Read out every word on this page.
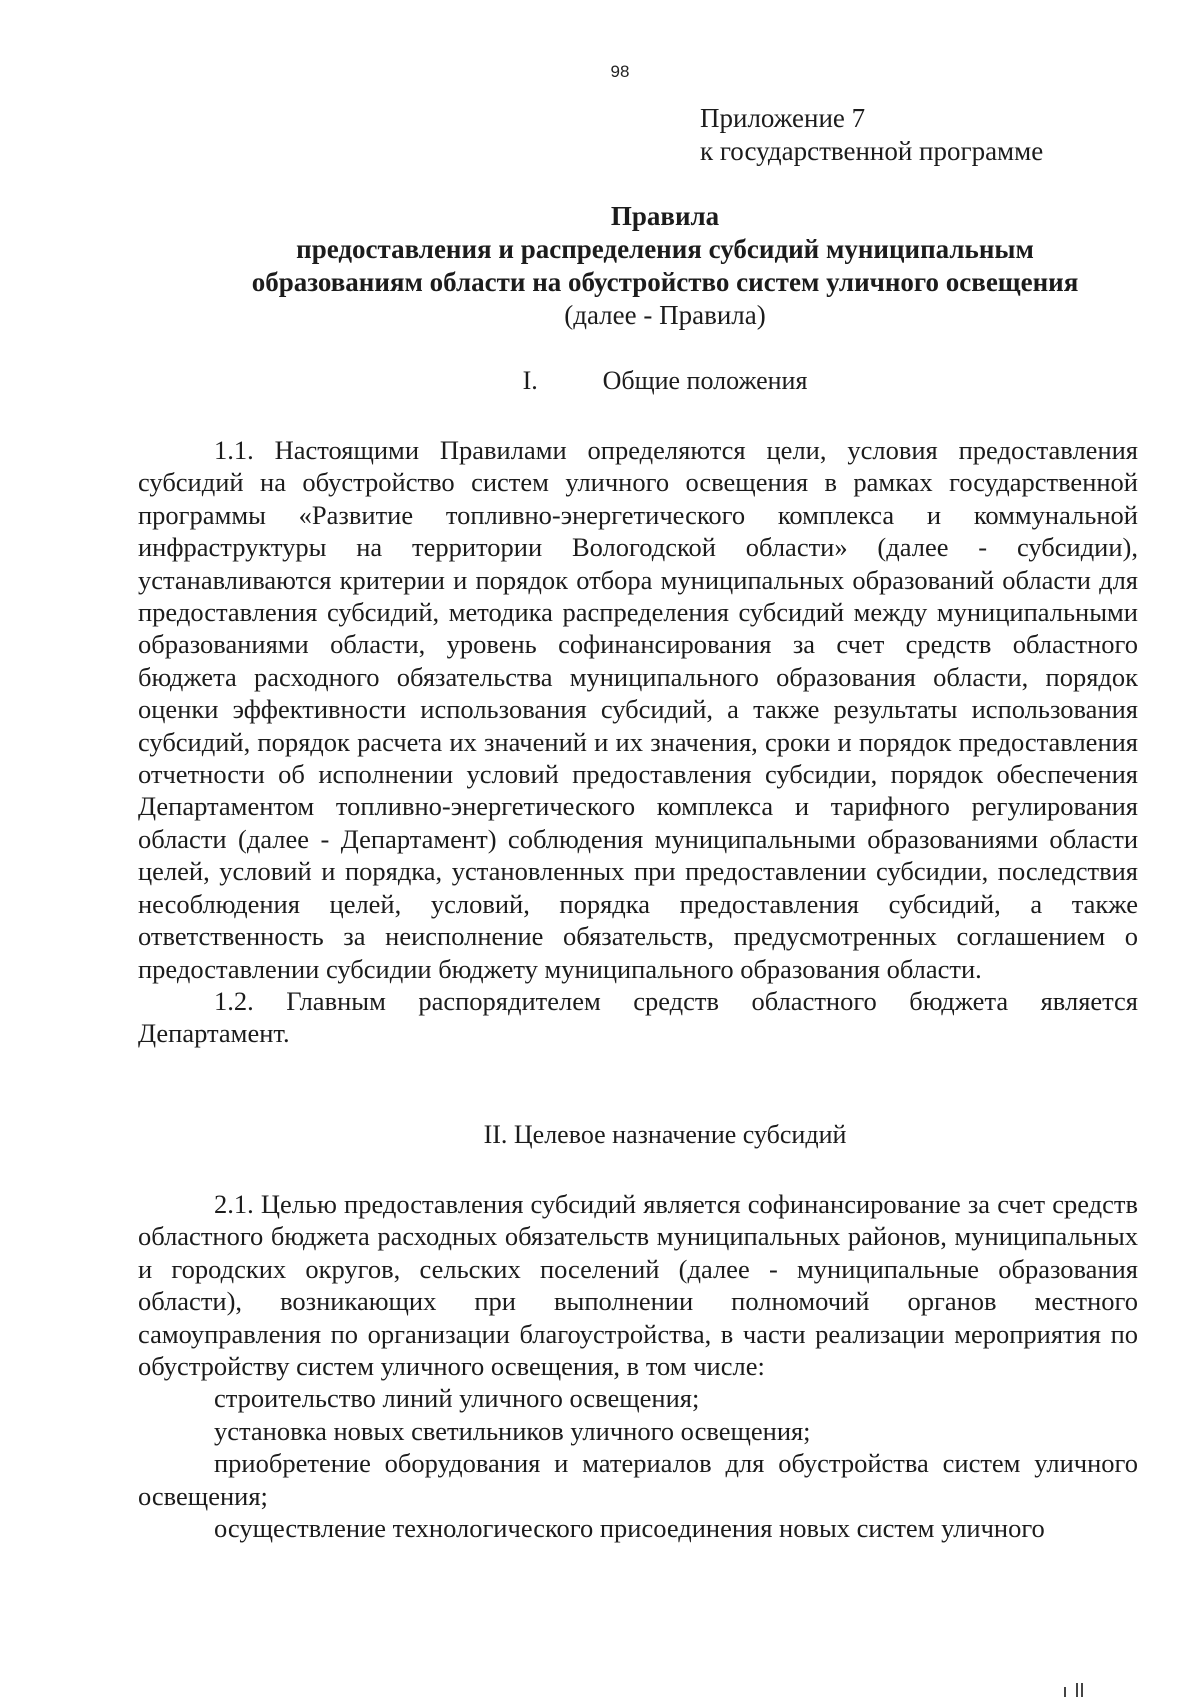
98
Приложение 7
к государственной программе
Правила
предоставления и распределения субсидий муниципальным
образованиям области на обустройство систем уличного освещения
(далее - Правила)
I. Общие положения

1.1. Настоящими Правилами определяются цели, условия предоставления субсидий на обустройство систем уличного освещения в рамках государственной программы «Развитие топливно-энергетического комплекса и коммунальной инфраструктуры на территории Вологодской области» (далее - субсидии), устанавливаются критерии и порядок отбора муниципальных образований области для предоставления субсидий, методика распределения субсидий между муниципальными образованиями области, уровень софинансирования за счет средств областного бюджета расходного обязательства муниципального образования области, порядок оценки эффективности использования субсидий, а также результаты использования субсидий, порядок расчета их значений и их значения, сроки и порядок предоставления отчетности об исполнении условий предоставления субсидии, порядок обеспечения Департаментом топливно-энергетического комплекса и тарифного регулирования области (далее - Департамент) соблюдения муниципальными образованиями области целей, условий и порядка, установленных при предоставлении субсидии, последствия несоблюдения целей, условий, порядка предоставления субсидий, а также ответственность за неисполнение обязательств, предусмотренных соглашением о предоставлении субсидии бюджету муниципального образования области.

1.2. Главным распорядителем средств областного бюджета является Департамент.

II. Целевое назначение субсидий

2.1. Целью предоставления субсидий является софинансирование за счет средств областного бюджета расходных обязательств муниципальных районов, муниципальных и городских округов, сельских поселений (далее - муниципальные образования области), возникающих при выполнении полномочий органов местного самоуправления по организации благоустройства, в части реализации мероприятия по обустройству систем уличного освещения, в том числе:

строительство линий уличного освещения;

установка новых светильников уличного освещения;

приобретение оборудования и материалов для обустройства систем уличного освещения;

осуществление технологического присоединения новых систем уличного
